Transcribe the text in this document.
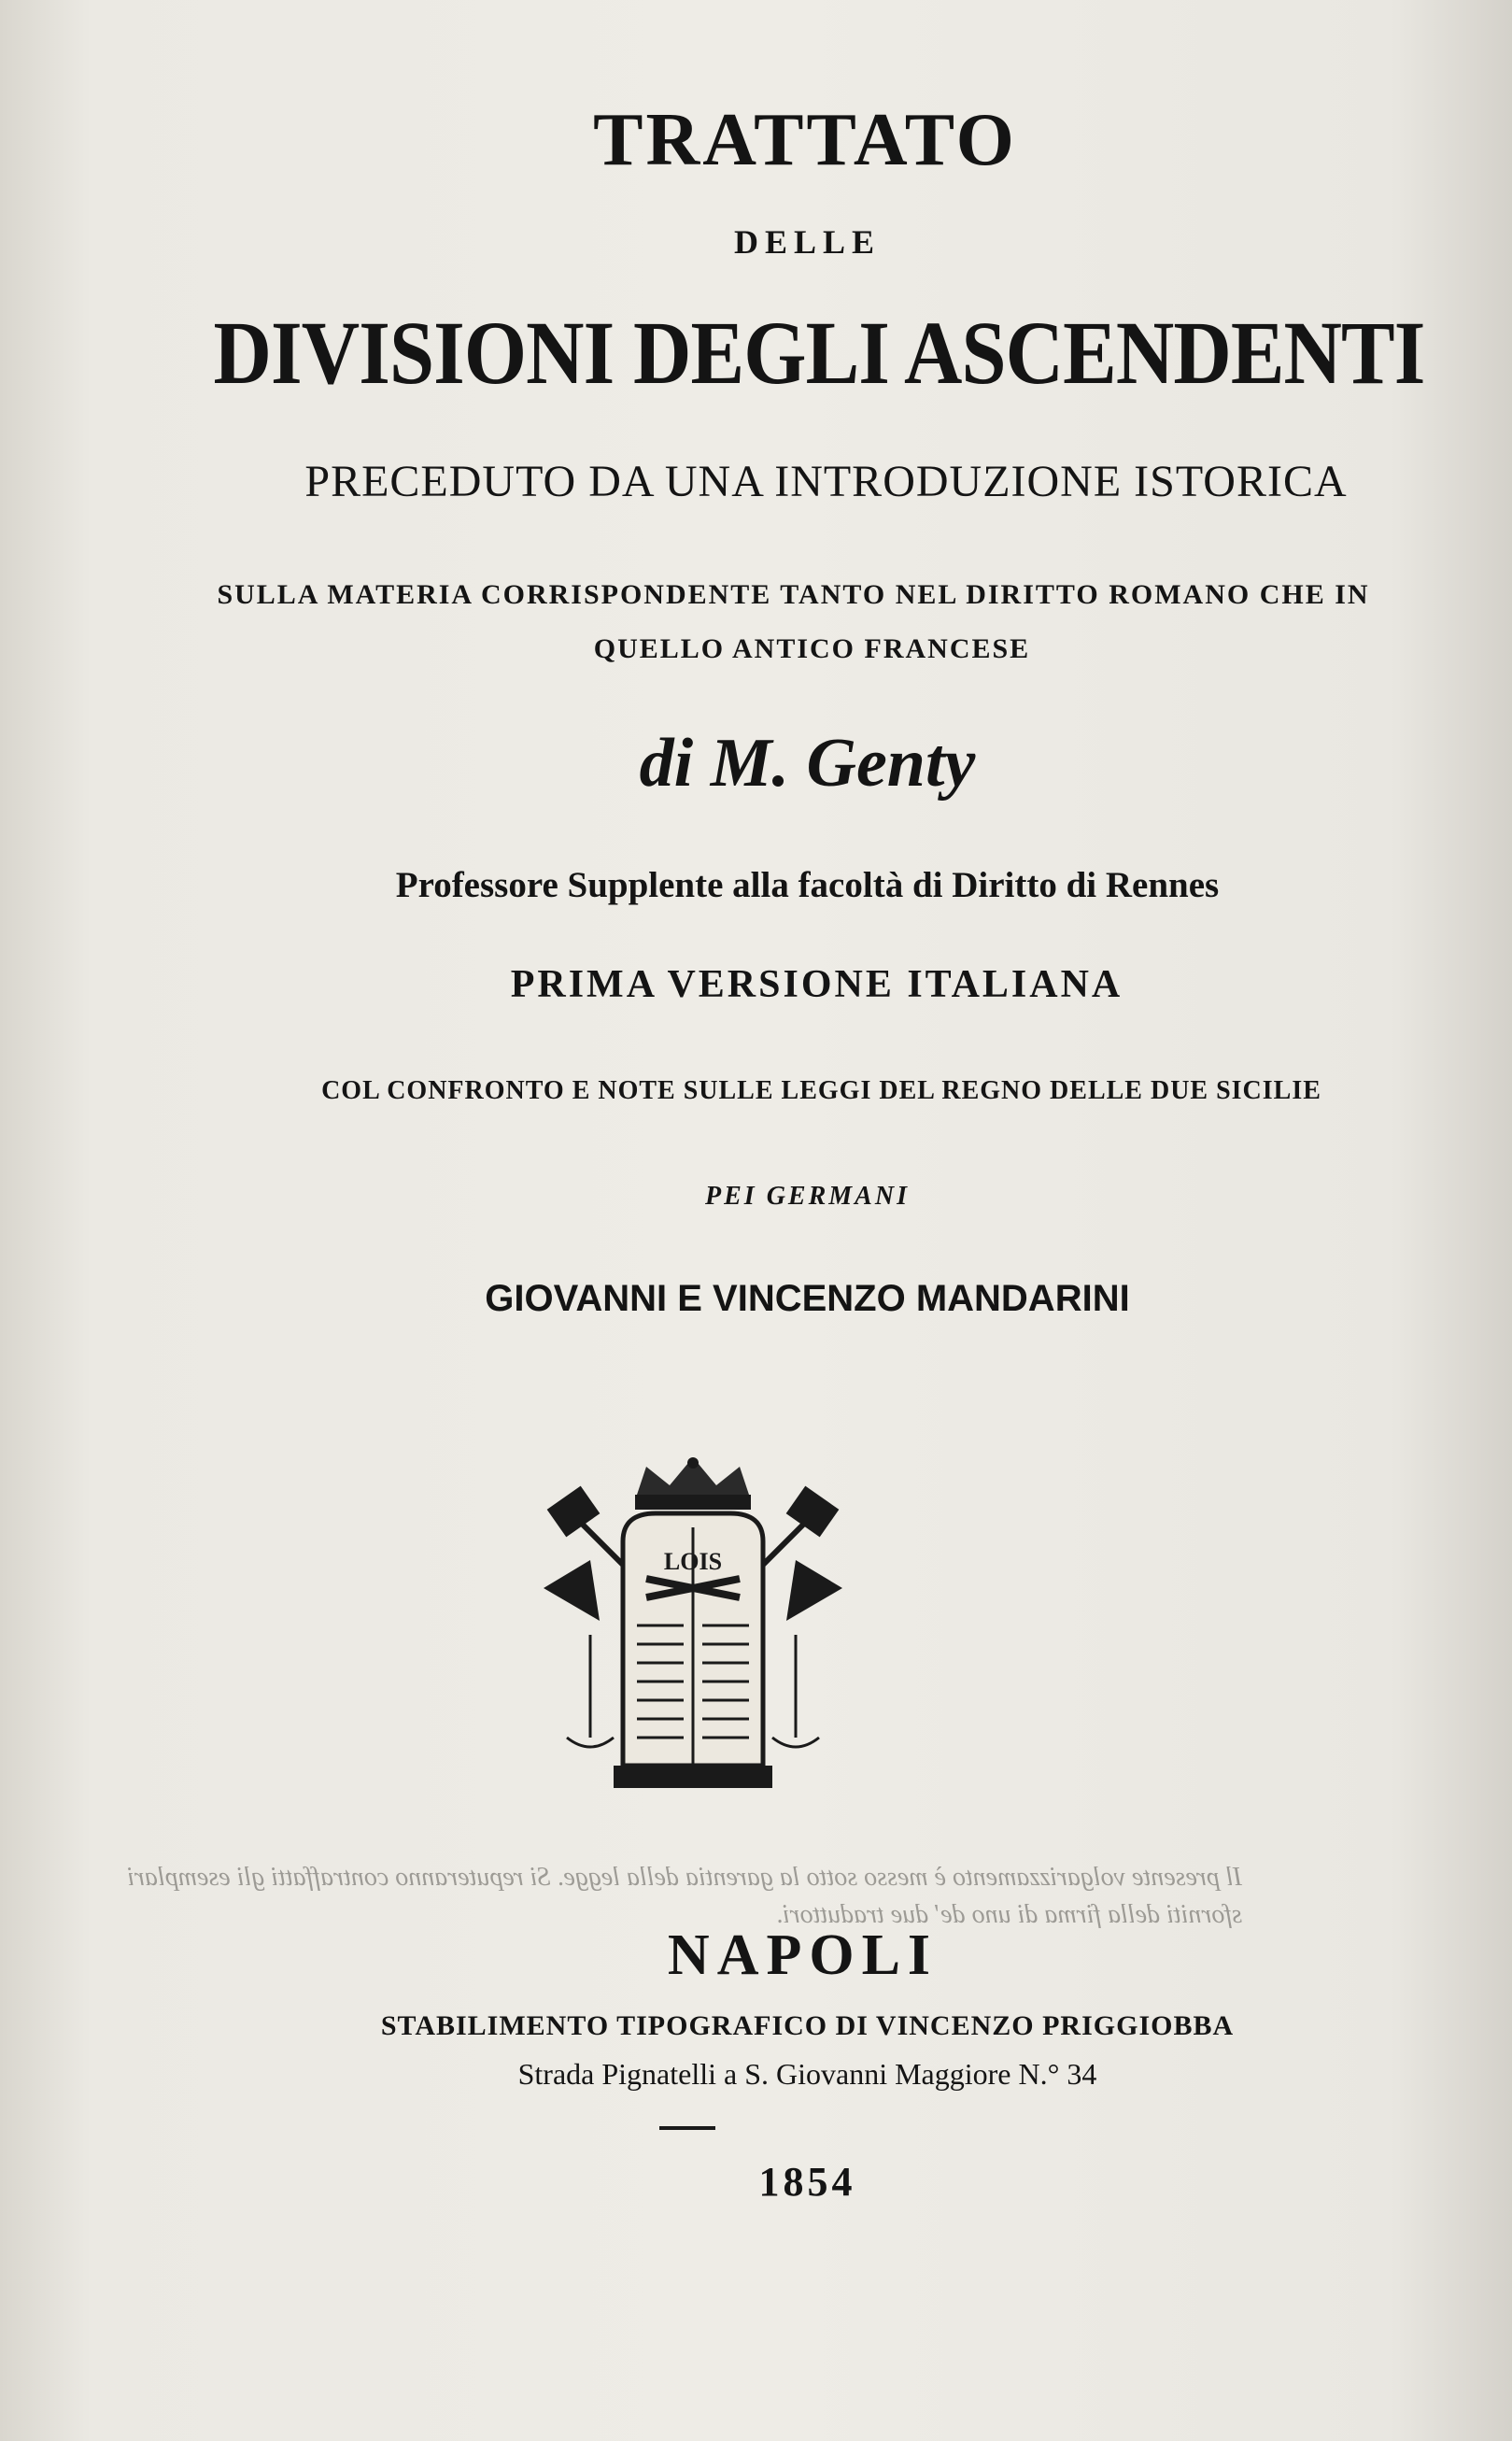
Il presente volgarizzamento è messo sotto la garentia della legge. Si reputeranno contraffatti gli esemplari sforniti della firma di uno de' due traduttori.
TRATTATO
DELLE
DIVISIONI DEGLI ASCENDENTI
PRECEDUTO DA UNA INTRODUZIONE ISTORICA
SULLA MATERIA CORRISPONDENTE TANTO NEL DIRITTO ROMANO CHE IN
QUELLO ANTICO FRANCESE
di M. Genty
Professore Supplente alla facoltà di Diritto di Rennes
PRIMA VERSIONE ITALIANA
COL CONFRONTO E NOTE SULLE LEGGI DEL REGNO DELLE DUE SICILIE
PEI GERMANI
GIOVANNI E VINCENZO MANDARINI
LOIS
NAPOLI
STABILIMENTO TIPOGRAFICO DI VINCENZO PRIGGIOBBA
Strada Pignatelli a S. Giovanni Maggiore N.° 34
1854
